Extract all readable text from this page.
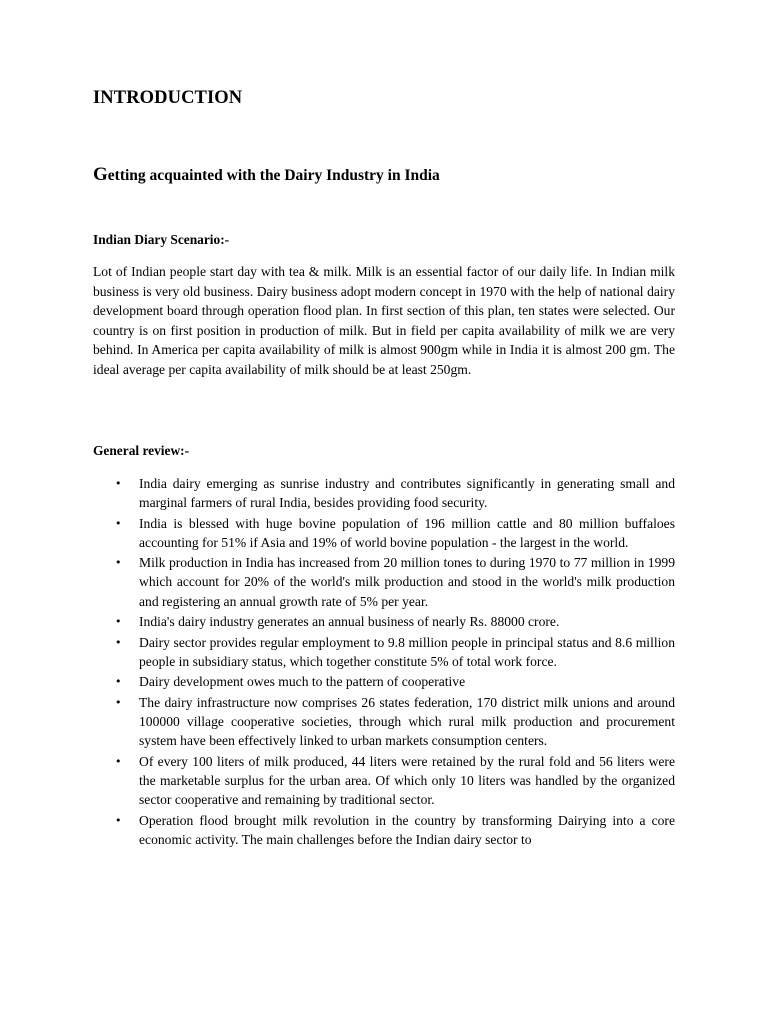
INTRODUCTION
Getting acquainted with the Dairy Industry in India
Indian Diary Scenario:-

Lot of Indian people start day with tea & milk. Milk is an essential factor of our daily life. In Indian milk business is very old business. Dairy business adopt modern concept in 1970 with the help of national dairy development board through operation flood plan. In first section of this plan, ten states were selected. Our country is on first position in production of milk. But in field per capita availability of milk we are very behind. In America per capita availability of milk is almost 900gm while in India it is almost 200 gm. The ideal average per capita availability of milk should be at least 250gm.

General review:-
• India dairy emerging as sunrise industry and contributes significantly in generating small and marginal farmers of rural India, besides providing food security.
• India is blessed with huge bovine population of 196 million cattle and 80 million buffaloes accounting for 51% if Asia and 19% of world bovine population - the largest in the world.
• Milk production in India has increased from 20 million tones to during 1970 to 77 million in 1999 which account for 20% of the world's milk production and stood in the world's milk production and registering an annual growth rate of 5% per year.
• India's dairy industry generates an annual business of nearly Rs. 88000 crore.
• Dairy sector provides regular employment to 9.8 million people in principal status and 8.6 million people in subsidiary status, which together constitute 5% of total work force.
• Dairy development owes much to the pattern of cooperative
• The dairy infrastructure now comprises 26 states federation, 170 district milk unions and around 100000 village cooperative societies, through which rural milk production and procurement system have been effectively linked to urban markets consumption centers.
• Of every 100 liters of milk produced, 44 liters were retained by the rural fold and 56 liters were the marketable surplus for the urban area. Of which only 10 liters was handled by the organized sector cooperative and remaining by traditional sector.
• Operation flood brought milk revolution in the country by transforming Dairying into a core economic activity. The main challenges before the Indian dairy sector to
